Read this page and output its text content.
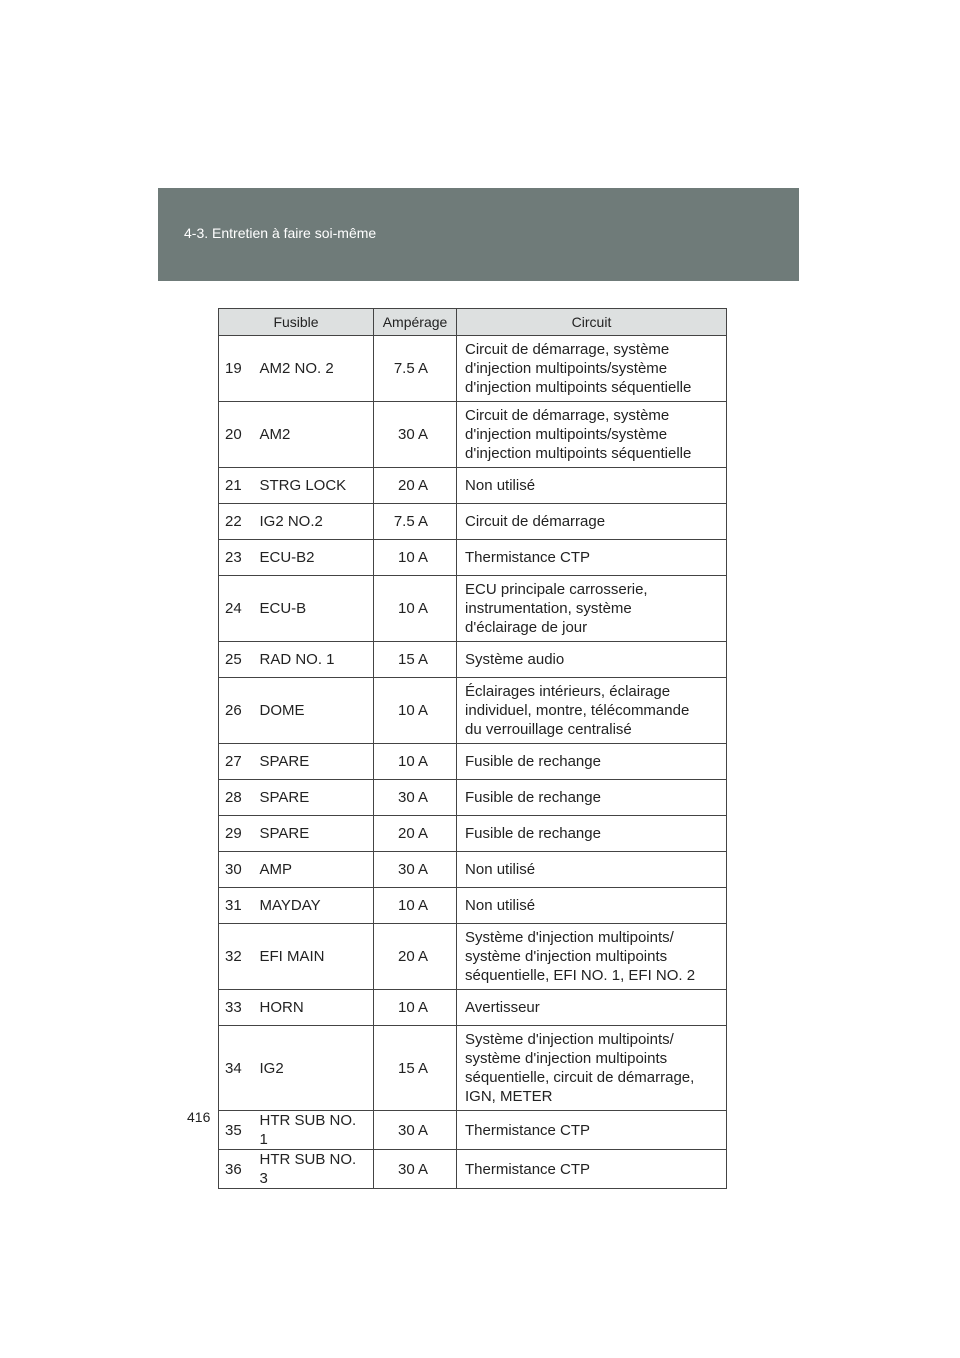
4-3. Entretien à faire soi-même
Fusible		Ampérage	Circuit
19	AM2 NO. 2	7.5 A	Circuit de démarrage, système
d'injection multipoints/système
d'injection multipoints séquentielle

20	AM2	30 A	Circuit de démarrage, système
d'injection multipoints/système
d'injection multipoints séquentielle

21	STRG LOCK	20 A	Non utilisé

22	IG2 NO.2	7.5 A	Circuit de démarrage

23	ECU-B2	10 A	Thermistance CTP

24	ECU-B	10 A	ECU principale carrosserie,
instrumentation, système
d'éclairage de jour

25	RAD NO. 1	15 A	Système audio

26	DOME	10 A	Éclairages intérieurs, éclairage
individuel, montre, télécommande
du verrouillage centralisé

27	SPARE	10 A	Fusible de rechange

28	SPARE	30 A	Fusible de rechange

29	SPARE	20 A	Fusible de rechange

30	AMP	30 A	Non utilisé

31	MAYDAY	10 A	Non utilisé

32	EFI MAIN	20 A	Système d'injection multipoints/
système d'injection multipoints
séquentielle, EFI NO. 1, EFI NO. 2

33	HORN	10 A	Avertisseur

34	IG2	15 A	Système d'injection multipoints/
système d'injection multipoints
séquentielle, circuit de démarrage,
IGN, METER

35	HTR SUB NO. 1	30 A	Thermistance CTP

36	HTR SUB NO. 3	30 A	Thermistance CTP
416
